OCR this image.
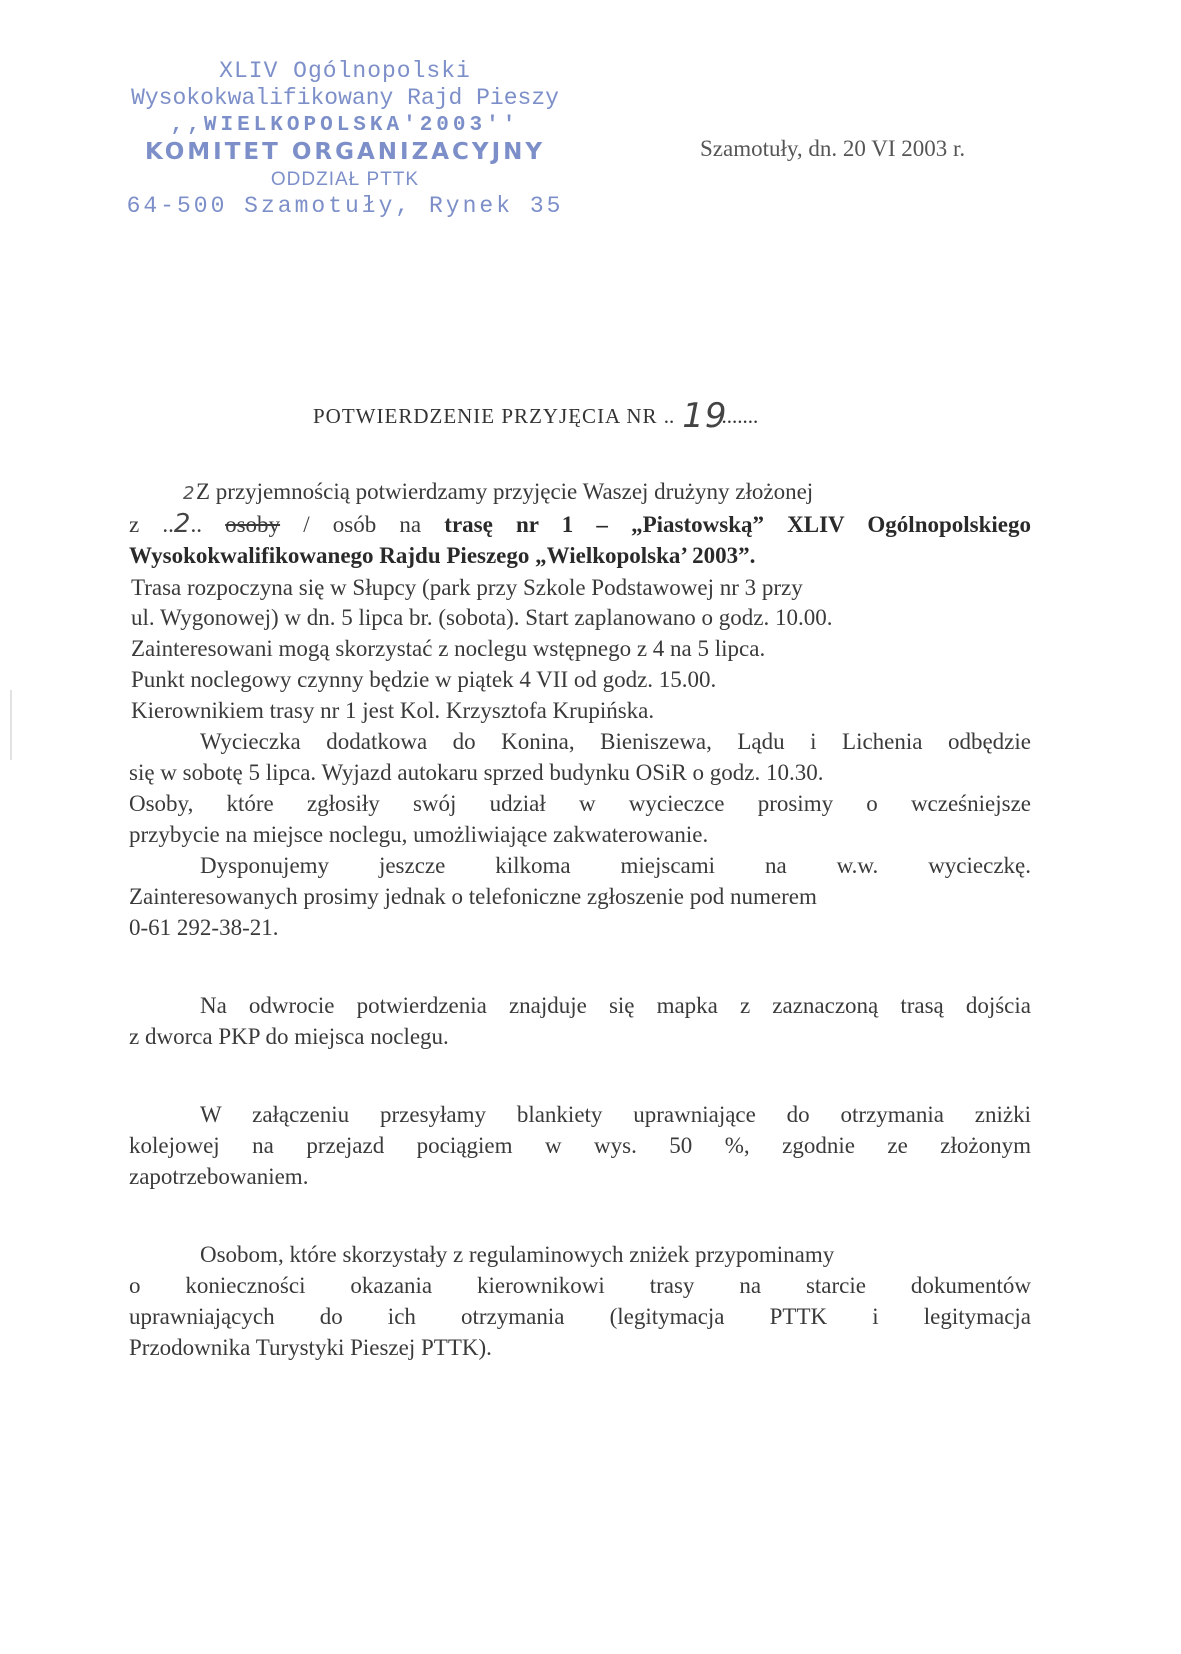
XLIV Ogólnopolski
Wysokokwalifikowany Rajd Pieszy
,,WIELKOPOLSKA'2003''
KOMITET ORGANIZACYJNY
ODDZIAŁ PTTK
64-500 Szamotuły, Rynek 35
Szamotuły, dn. 20 VI 2003 r.
POTWIERDZENIE PRZYJĘCIA NR .. 19.......
2 Z przyjemnością potwierdzamy przyjęcie Waszej drużyny złożonej
z ..2.. osoby / osób na trasę nr 1 – „Piastowską” XLIV Ogólnopolskiego
Wysokokwalifikowanego Rajdu Pieszego „Wielkopolska’ 2003”.
Trasa rozpoczyna się w Słupcy (park przy Szkole Podstawowej nr 3 przy
ul. Wygonowej) w dn. 5 lipca br. (sobota). Start zaplanowano o godz. 10.00.
Zainteresowani mogą skorzystać z noclegu wstępnego z 4 na 5 lipca.
Punkt noclegowy czynny będzie w piątek 4 VII od godz. 15.00.
Kierownikiem trasy nr 1 jest Kol. Krzysztofa Krupińska.
Wycieczka dodatkowa do Konina, Bieniszewa, Lądu i Lichenia odbędzie
się w sobotę 5 lipca. Wyjazd autokaru sprzed budynku OSiR o godz. 10.30.
Osoby, które zgłosiły swój udział w wycieczce prosimy o wcześniejsze
przybycie na miejsce noclegu, umożliwiające zakwaterowanie.
Dysponujemy jeszcze kilkoma miejscami na w.w. wycieczkę.
Zainteresowanych prosimy jednak o telefoniczne zgłoszenie pod numerem
0-61 292-38-21.
Na odwrocie potwierdzenia znajduje się mapka z zaznaczoną trasą dojścia
z dworca PKP do miejsca noclegu.
W załączeniu przesyłamy blankiety uprawniające do otrzymania zniżki
kolejowej na przejazd pociągiem w wys. 50 %, zgodnie ze złożonym
zapotrzebowaniem.
Osobom, które skorzystały z regulaminowych zniżek przypominamy
o konieczności okazania kierownikowi trasy na starcie dokumentów
uprawniających do ich otrzymania (legitymacja PTTK i legitymacja
Przodownika Turystyki Pieszej PTTK).
